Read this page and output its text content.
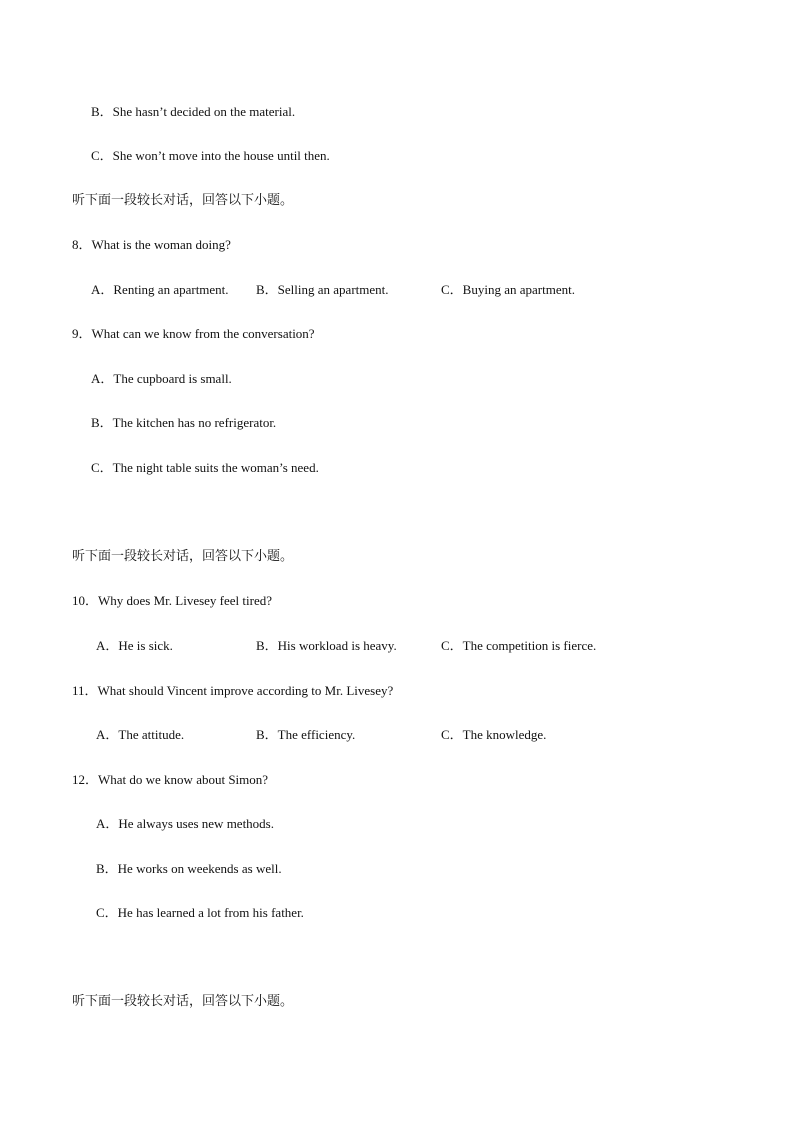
B．She hasn’t decided on the material.
C．She won’t move into the house until then.
听下面一段较长对话，回答以下小题。
8．What is the woman doing?
A．Renting an apartment. B．Selling an apartment.	C．Buying an apartment.
9．What can we know from the conversation?
A．The cupboard is small.
B．The kitchen has no refrigerator.
C．The night table suits the woman’s need.
听下面一段较长对话，回答以下小题。
10．Why does Mr. Livesey feel tired?
A．He is sick.	B．His workload is heavy.	C．The competition is fierce.
11．What should Vincent improve according to Mr. Livesey?
A．The attitude.	B．The efficiency.	C．The knowledge.
12．What do we know about Simon?
A．He always uses new methods.
B．He works on weekends as well.
C．He has learned a lot from his father.
听下面一段较长对话，回答以下小题。
